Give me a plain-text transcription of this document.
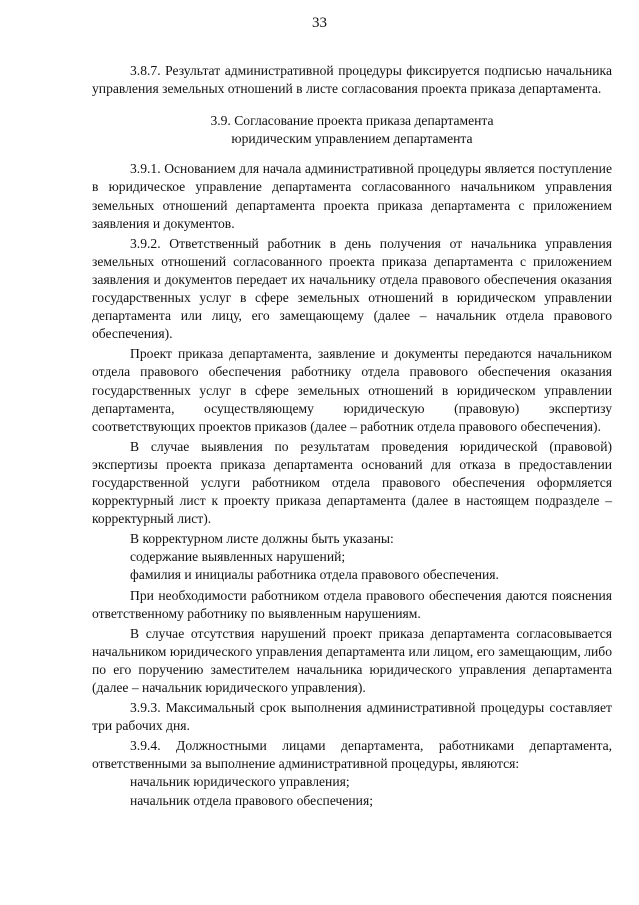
33

3.8.7. Результат административной процедуры фиксируется подписью начальника управления земельных отношений в листе согласования проекта приказа департамента.

3.9. Согласование проекта приказа департамента
юридическим управлением департамента

3.9.1. Основанием для начала административной процедуры является поступление в юридическое управление департамента согласованного начальником управления земельных отношений департамента проекта приказа департамента с приложением заявления и документов.

3.9.2. Ответственный работник в день получения от начальника управления земельных отношений согласованного проекта приказа департамента с приложением заявления и документов передает их начальнику отдела правового обеспечения оказания государственных услуг в сфере земельных отношений в юридическом управлении департамента или лицу, его замещающему (далее – начальник отдела правового обеспечения).

Проект приказа департамента, заявление и документы передаются начальником отдела правового обеспечения работнику отдела правового обеспечения оказания государственных услуг в сфере земельных отношений в юридическом управлении департамента, осуществляющему юридическую (правовую) экспертизу соответствующих проектов приказов (далее – работник отдела правового обеспечения).

В случае выявления по результатам проведения юридической (правовой) экспертизы проекта приказа департамента оснований для отказа в предоставлении государственной услуги работником отдела правового обеспечения оформляется корректурный лист к проекту приказа департамента (далее в настоящем подразделе – корректурный лист).

В корректурном листе должны быть указаны:

содержание выявленных нарушений;

фамилия и инициалы работника отдела правового обеспечения.

При необходимости работником отдела правового обеспечения даются пояснения ответственному работнику по выявленным нарушениям.

В случае отсутствия нарушений проект приказа департамента согласовывается начальником юридического управления департамента или лицом, его замещающим, либо по его поручению заместителем начальника юридического управления департамента (далее – начальник юридического управления).

3.9.3. Максимальный срок выполнения административной процедуры составляет три рабочих дня.

3.9.4. Должностными лицами департамента, работниками департамента, ответственными за выполнение административной процедуры, являются:

начальник юридического управления;

начальник отдела правового обеспечения;
